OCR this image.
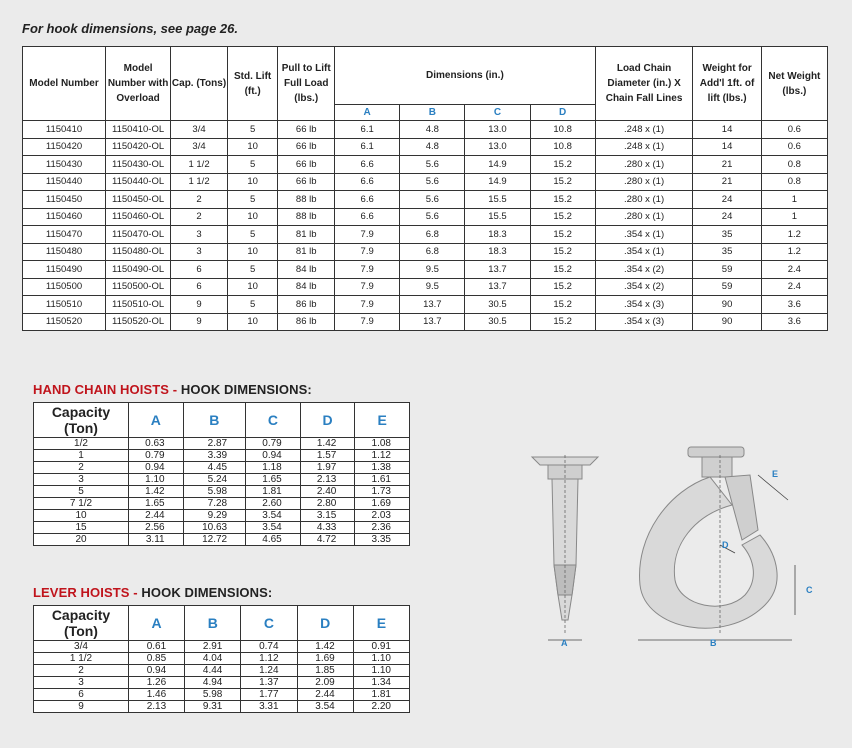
For hook dimensions, see page 26.
Model Number	Model Number with Overload	Cap. (Tons)	Std. Lift (ft.)	Pull to Lift Full Load (lbs.)	Dimensions (in.)				Load Chain Diameter (in.) X Chain Fall Lines	Weight for Add'l 1ft. of lift (lbs.)	Net Weight (lbs.)
					A	B	C	D			
1150410	1150410-OL	3/4	5	66 lb	6.1	4.8	13.0	10.8	.248 x (1)	14	0.6
1150420	1150420-OL	3/4	10	66 lb	6.1	4.8	13.0	10.8	.248 x (1)	14	0.6
1150430	1150430-OL	1 1/2	5	66 lb	6.6	5.6	14.9	15.2	.280 x (1)	21	0.8
1150440	1150440-OL	1 1/2	10	66 lb	6.6	5.6	14.9	15.2	.280 x (1)	21	0.8
1150450	1150450-OL	2	5	88 lb	6.6	5.6	15.5	15.2	.280 x (1)	24	1
1150460	1150460-OL	2	10	88 lb	6.6	5.6	15.5	15.2	.280 x (1)	24	1
1150470	1150470-OL	3	5	81 lb	7.9	6.8	18.3	15.2	.354 x (1)	35	1.2
1150480	1150480-OL	3	10	81 lb	7.9	6.8	18.3	15.2	.354 x (1)	35	1.2
1150490	1150490-OL	6	5	84 lb	7.9	9.5	13.7	15.2	.354 x (2)	59	2.4
1150500	1150500-OL	6	10	84 lb	7.9	9.5	13.7	15.2	.354 x (2)	59	2.4
1150510	1150510-OL	9	5	86 lb	7.9	13.7	30.5	15.2	.354 x (3)	90	3.6
1150520	1150520-OL	9	10	86 lb	7.9	13.7	30.5	15.2	.354 x (3)	90	3.6
HAND CHAIN HOISTS - HOOK DIMENSIONS:
Capacity (Ton)	A	B	C	D	E
1/2	0.63	2.87	0.79	1.42	1.08
1	0.79	3.39	0.94	1.57	1.12
2	0.94	4.45	1.18	1.97	1.38
3	1.10	5.24	1.65	2.13	1.61
5	1.42	5.98	1.81	2.40	1.73
7 1/2	1.65	7.28	2.60	2.80	1.69
10	2.44	9.29	3.54	3.15	2.03
15	2.56	10.63	3.54	4.33	2.36
20	3.11	12.72	4.65	4.72	3.35
LEVER HOISTS - HOOK DIMENSIONS:
Capacity (Ton)	A	B	C	D	E
3/4	0.61	2.91	0.74	1.42	0.91
1 1/2	0.85	4.04	1.12	1.69	1.10
2	0.94	4.44	1.24	1.85	1.10
3	1.26	4.94	1.37	2.09	1.34
6	1.46	5.98	1.77	2.44	1.81
9	2.13	9.31	3.31	3.54	2.20
A	B
C
D
E
